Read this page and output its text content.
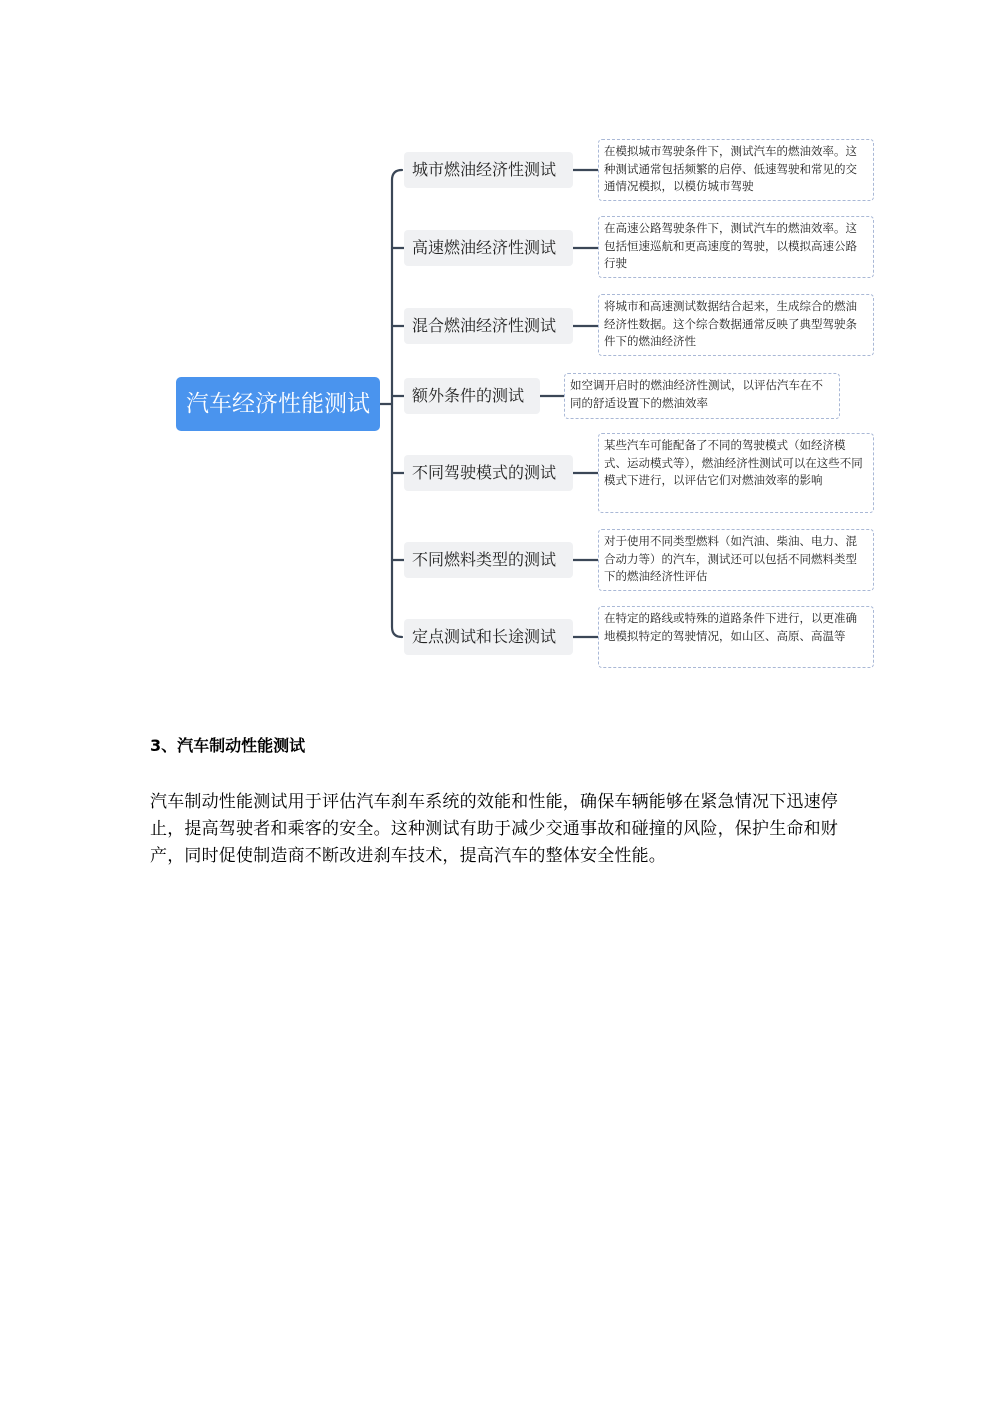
汽车经济性能测试
城市燃油经济性测试
高速燃油经济性测试
混合燃油经济性测试
额外条件的测试
不同驾驶模式的测试
不同燃料类型的测试
定点测试和长途测试
在模拟城市驾驶条件下，测试汽车的燃油效率。这种测试通常包括频繁的启停、低速驾驶和常见的交通情况模拟，以模仿城市驾驶
在高速公路驾驶条件下，测试汽车的燃油效率。这包括恒速巡航和更高速度的驾驶，以模拟高速公路行驶
将城市和高速测试数据结合起来，生成综合的燃油经济性数据。这个综合数据通常反映了典型驾驶条件下的燃油经济性
如空调开启时的燃油经济性测试，以评估汽车在不同的舒适设置下的燃油效率
某些汽车可能配备了不同的驾驶模式（如经济模式、运动模式等），燃油经济性测试可以在这些不同模式下进行，以评估它们对燃油效率的影响
对于使用不同类型燃料（如汽油、柴油、电力、混合动力等）的汽车，测试还可以包括不同燃料类型下的燃油经济性评估
在特定的路线或特殊的道路条件下进行，以更准确地模拟特定的驾驶情况，如山区、高原、高温等
3、汽车制动性能测试

汽车制动性能测试用于评估汽车刹车系统的效能和性能，确保车辆能够在紧急情况下迅速停止，提高驾驶者和乘客的安全。这种测试有助于减少交通事故和碰撞的风险，保护生命和财产，同时促使制造商不断改进刹车技术，提高汽车的整体安全性能。
